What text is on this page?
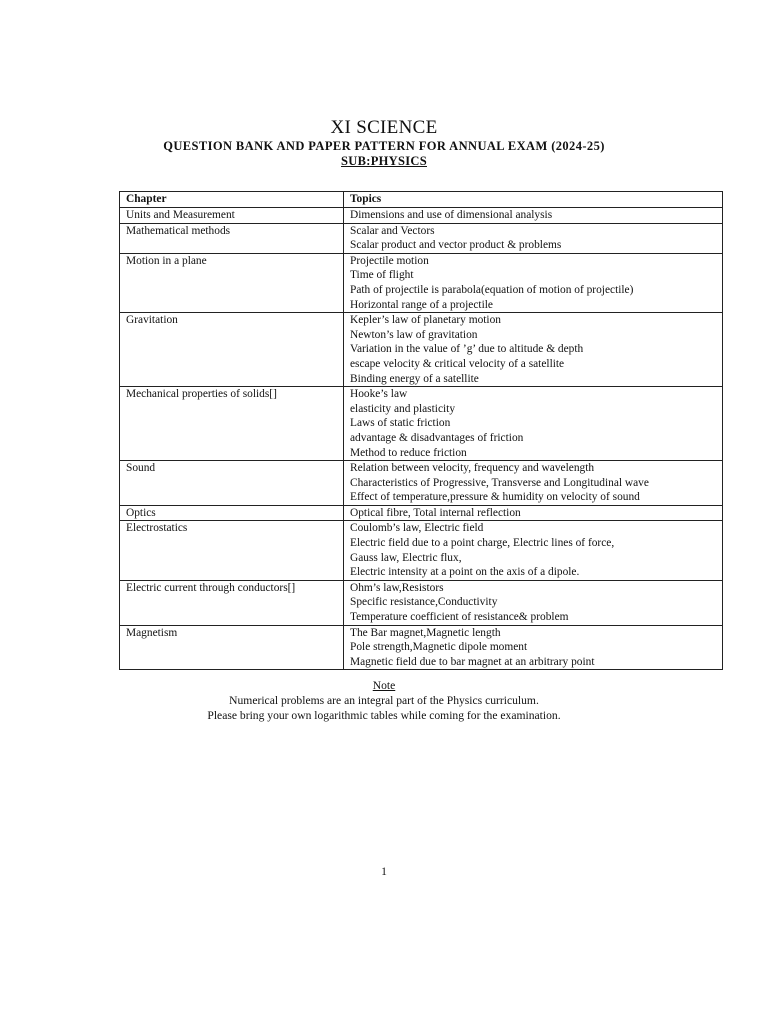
XI SCIENCE
QUESTION BANK AND PAPER PATTERN FOR ANNUAL EXAM (2024-25)
SUB:PHYSICS
Chapter	Topics
Units and Measurement	Dimensions and use of dimensional analysis

Mathematical methods	Scalar and Vectors
Scalar product and vector product & problems

Motion in a plane	Projectile motion
Time of flight
Path of projectile is parabola(equation of motion of projectile)
Horizontal range of a projectile

Gravitation	Kepler’s law of planetary motion
Newton’s law of gravitation
Variation in the value of ’g’ due to altitude & depth
escape velocity & critical velocity of a satellite
Binding energy of a satellite

Mechanical properties of solids[]	Hooke’s law
elasticity and plasticity
Laws of static friction
advantage & disadvantages of friction
Method to reduce friction

Sound	Relation between velocity, frequency and wavelength
Characteristics of Progressive, Transverse and Longitudinal wave
Effect of temperature,pressure & humidity on velocity of sound

Optics	Optical fibre, Total internal reflection

Electrostatics	Coulomb’s law, Electric field
Electric field due to a point charge, Electric lines of force,
Gauss law, Electric flux,
Electric intensity at a point on the axis of a dipole.

Electric current through conductors[]	Ohm’s law,Resistors
Specific resistance,Conductivity
Temperature coefficient of resistance& problem

Magnetism	The Bar magnet,Magnetic length
Pole strength,Magnetic dipole moment
Magnetic field due to bar magnet at an arbitrary point
Note
Numerical problems are an integral part of the Physics curriculum.
Please bring your own logarithmic tables while coming for the examination.
1
